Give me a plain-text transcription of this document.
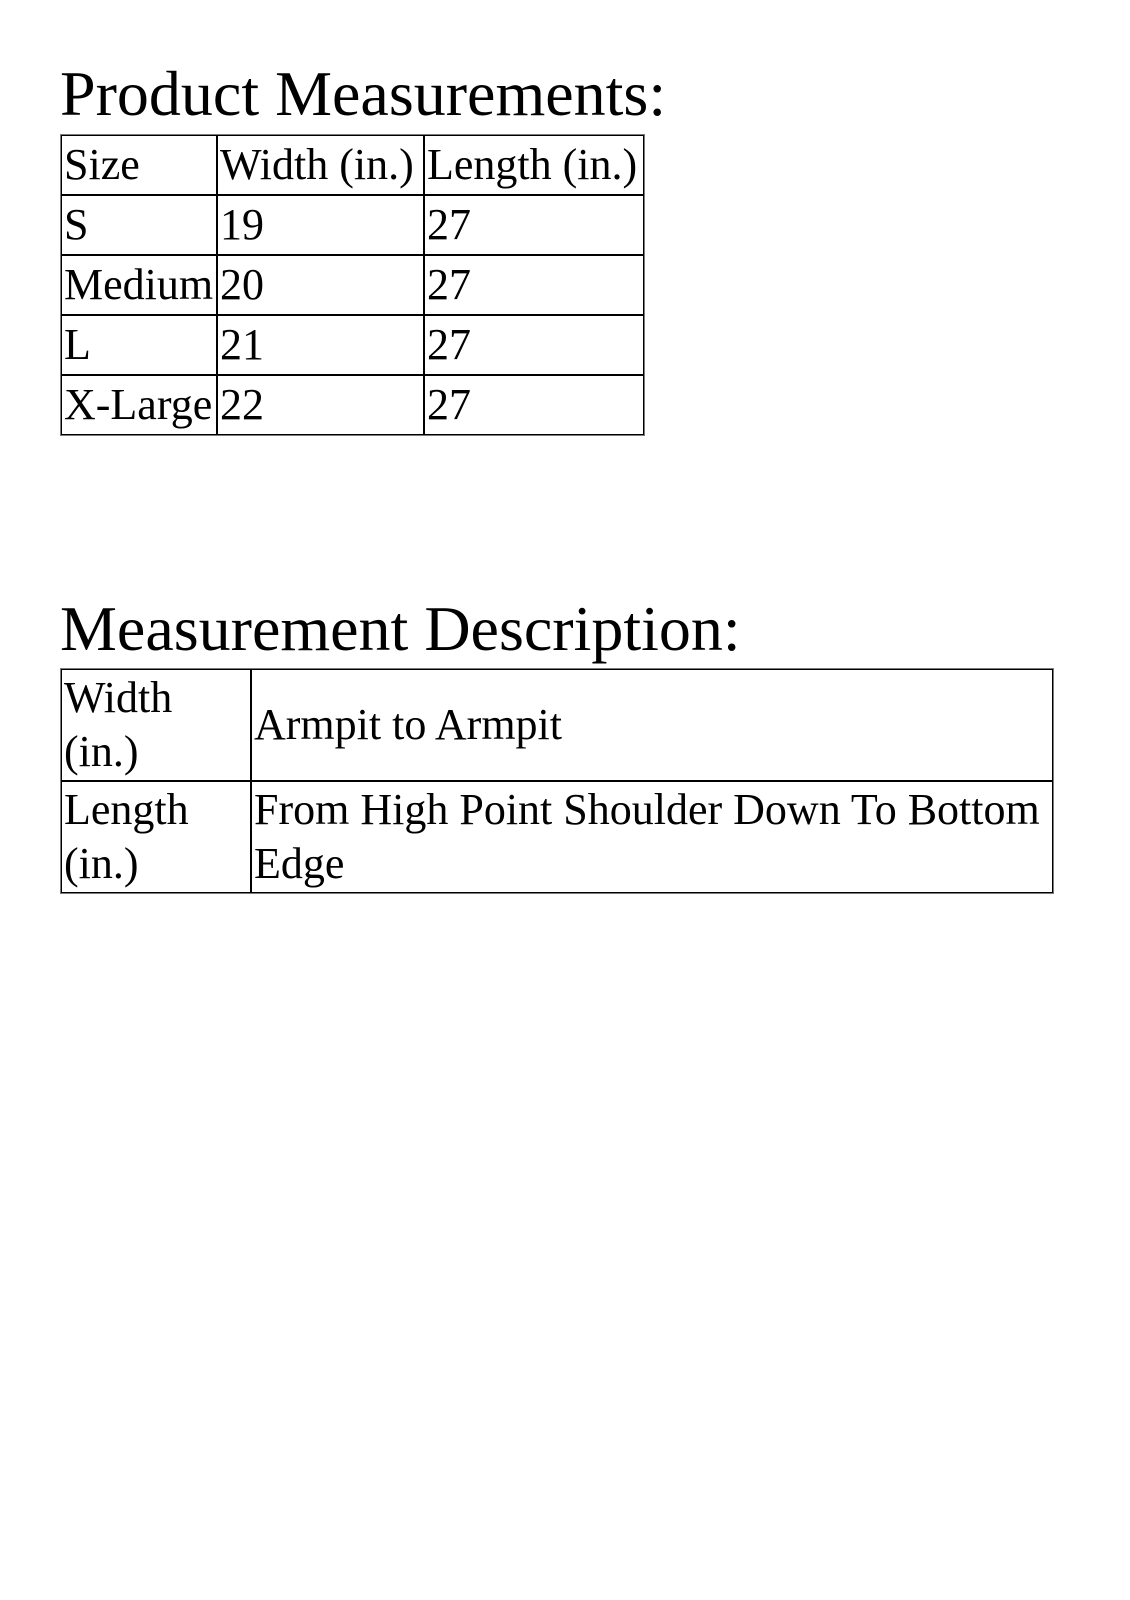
Product Measurements:
Size	Width (in.)	Length (in.)
S	19	27
Medium	20	27
L	21	27
X-Large	22	27
Measurement Description:
Width (in.)	Armpit to Armpit
Length (in.)	From High Point Shoulder Down To Bottom Edge
